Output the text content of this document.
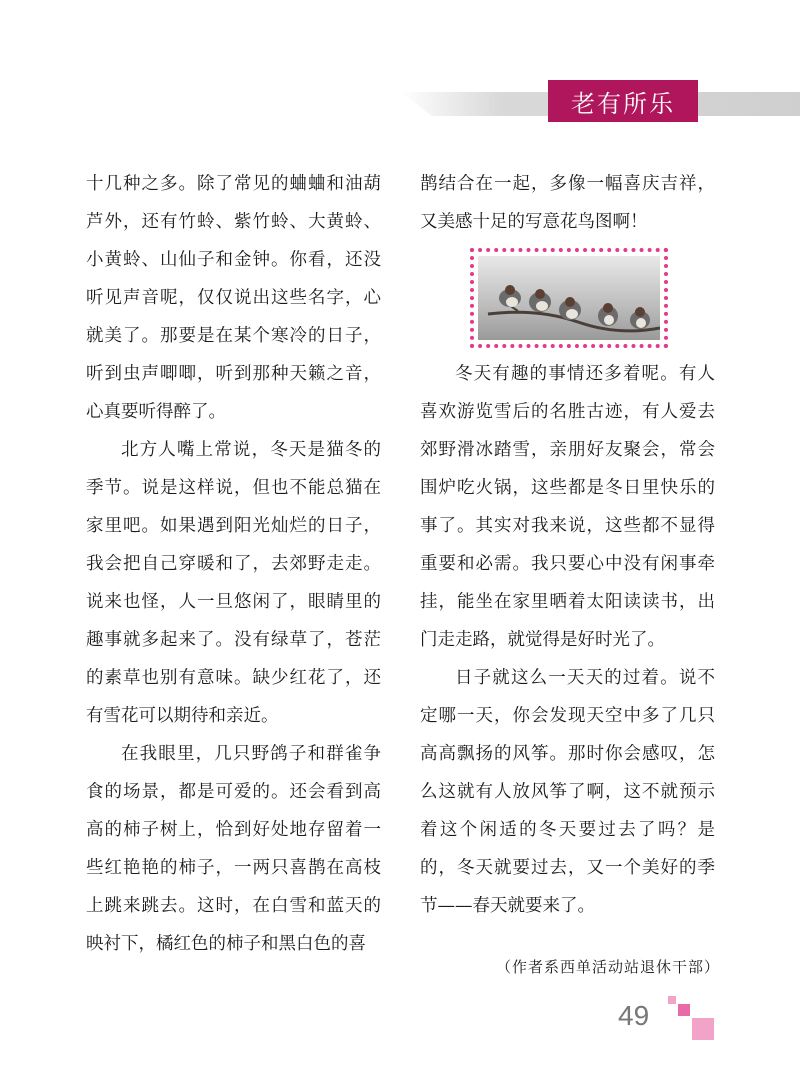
老有所乐

十几种之多。除了常见的蛐蛐和油葫芦外，还有竹蛉、紫竹蛉、大黄蛉、小黄蛉、山仙子和金钟。你看，还没听见声音呢，仅仅说出这些名字，心就美了。那要是在某个寒冷的日子，听到虫声唧唧，听到那种天籁之音，心真要听得醉了。

北方人嘴上常说，冬天是猫冬的季节。说是这样说，但也不能总猫在家里吧。如果遇到阳光灿烂的日子，我会把自己穿暖和了，去郊野走走。说来也怪，人一旦悠闲了，眼睛里的趣事就多起来了。没有绿草了，苍茫的素草也别有意味。缺少红花了，还有雪花可以期待和亲近。

在我眼里，几只野鸽子和群雀争食的场景，都是可爱的。还会看到高高的柿子树上，恰到好处地存留着一些红艳艳的柿子，一两只喜鹊在高枝上跳来跳去。这时，在白雪和蓝天的映衬下，橘红色的柿子和黑白色的喜

鹊结合在一起，多像一幅喜庆吉祥，又美感十足的写意花鸟图啊！

冬天有趣的事情还多着呢。有人喜欢游览雪后的名胜古迹，有人爱去郊野滑冰踏雪，亲朋好友聚会，常会围炉吃火锅，这些都是冬日里快乐的事了。其实对我来说，这些都不显得重要和必需。我只要心中没有闲事牵挂，能坐在家里晒着太阳读读书，出门走走路，就觉得是好时光了。

日子就这么一天天的过着。说不定哪一天，你会发现天空中多了几只高高飘扬的风筝。那时你会感叹，怎么这就有人放风筝了啊，这不就预示着这个闲适的冬天要过去了吗？是的，冬天就要过去，又一个美好的季节——春天就要来了。

（作者系西单活动站退休干部）
49
